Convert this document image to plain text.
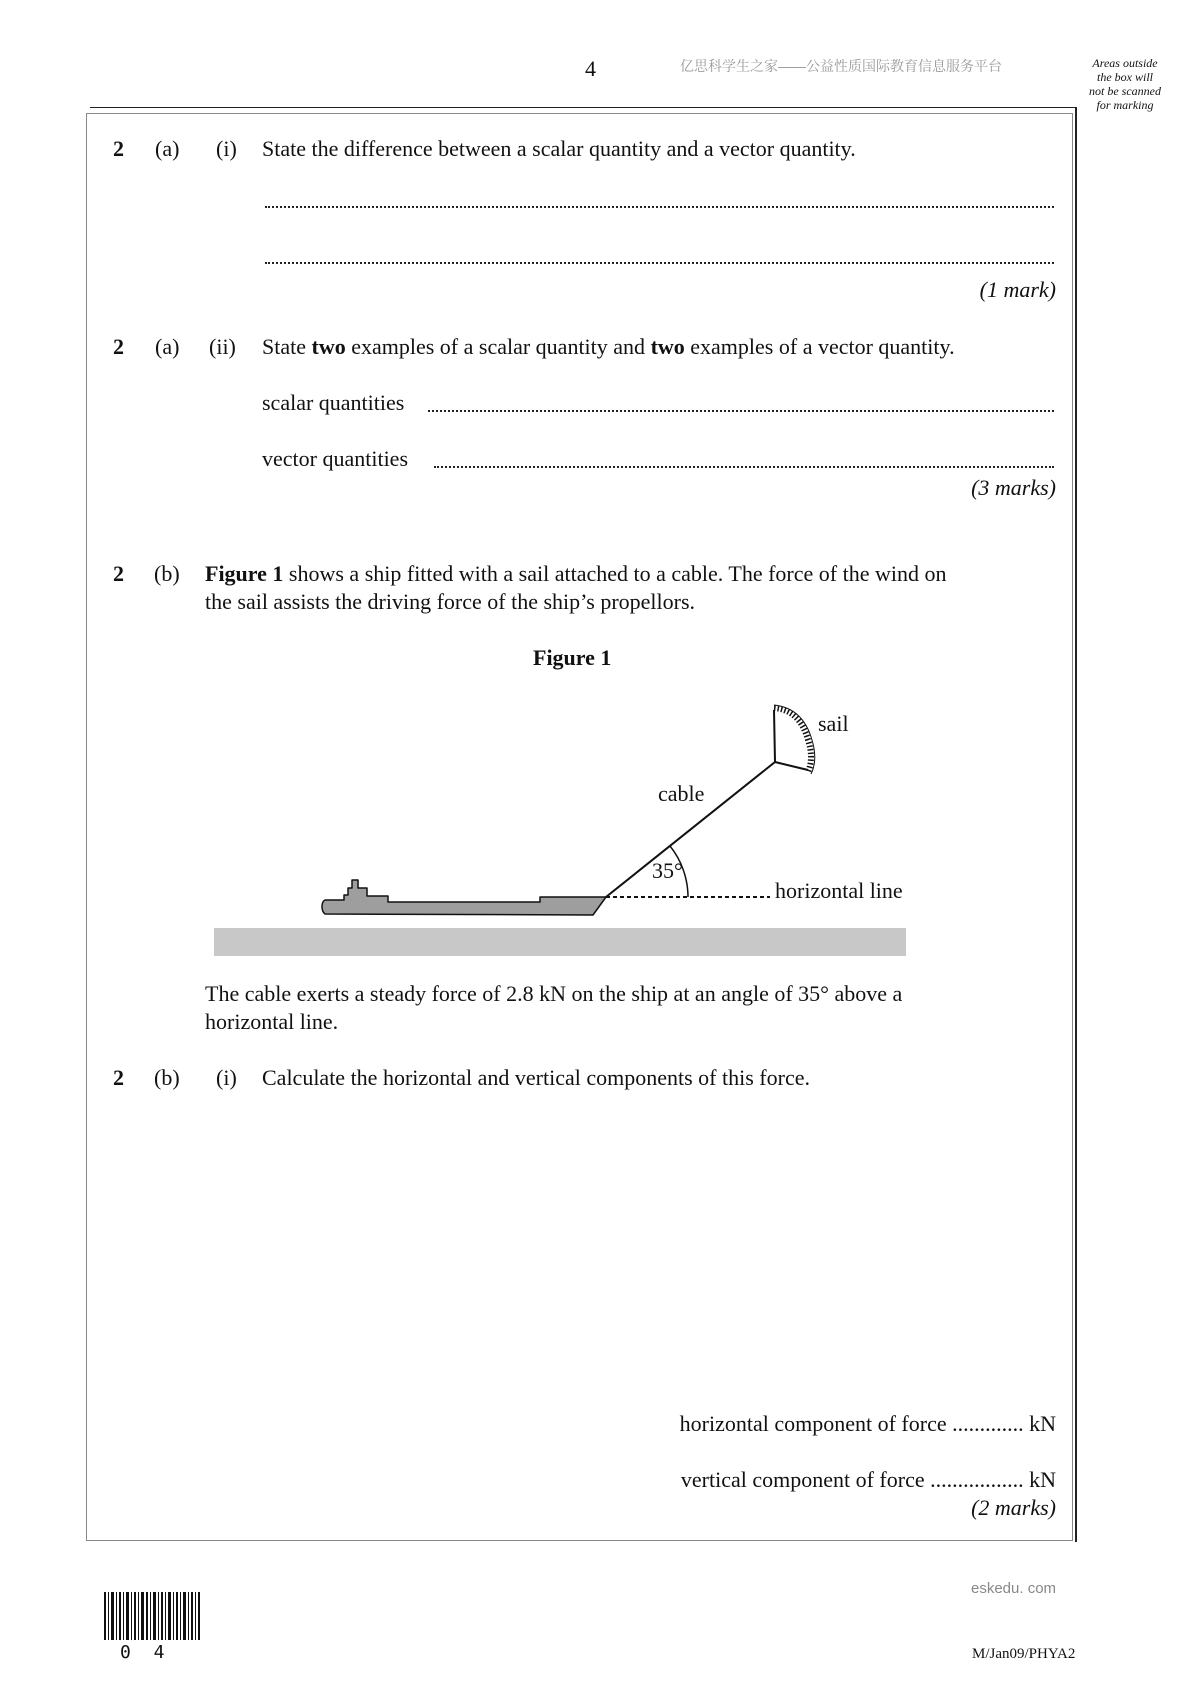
4	亿思科学生之家——公益性质国际教育信息服务平台	Areas outside
the box will
not be scanned
for marking
2 (a) (i) State the difference between a scalar quantity and a vector quantity.
(1 mark)
2 (a) (ii) State two examples of a scalar quantity and two examples of a vector quantity.
scalar quantities
vector quantities
(3 marks)
2 (b) Figure 1 shows a ship fitted with a sail attached to a cable. The force of the wind on
the sail assists the driving force of the ship’s propellors.
Figure 1
sail
cable
35°
horizontal line
The cable exerts a steady force of 2.8 kN on the ship at an angle of 35° above a
horizontal line.
2 (b) (i) Calculate the horizontal and vertical components of this force.
horizontal component of force ............. kN
vertical component of force ................. kN
(2 marks)
eskedu. com
0 4	M/Jan09/PHYA2
